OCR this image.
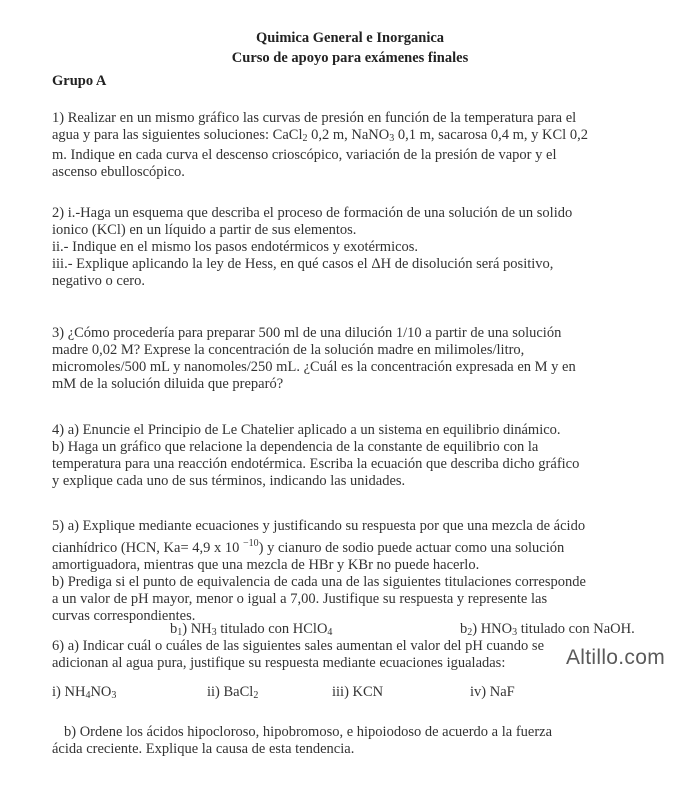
Quimica General e Inorganica
Curso de apoyo para exámenes finales
Grupo A
1) Realizar en un mismo gráfico las curvas de presión en función de la temperatura para el
agua y para las siguientes soluciones: CaCl$_2$ 0,2 m, NaNO$_3$ 0,1 m, sacarosa 0,4 m, y KCl 0,2
m. Indique en cada curva el descenso crioscópico, variación de la presión de vapor y el
ascenso ebulloscópico.
2) i.-Haga un esquema que describa el proceso de formación de una solución de un solido
ionico (KCl) en un líquido a partir de sus elementos.
ii.- Indique en el mismo los pasos endotérmicos y exotérmicos.
iii.- Explique aplicando la ley de Hess, en qué casos el ΔH de disolución será positivo,
negativo o cero.
3) ¿Cómo procedería para preparar 500 ml de una dilución 1/10 a partir de una solución
madre 0,02 M? Exprese la concentración de la solución madre en milimoles/litro,
micromoles/500 mL y nanomoles/250 mL. ¿Cuál es la concentración expresada en M y en
mM de la solución diluida que preparó?
4) a) Enuncie el Principio de Le Chatelier aplicado a un sistema en equilibrio dinámico.
b) Haga un gráfico que relacione la dependencia de la constante de equilibrio con la
temperatura para una reacción endotérmica. Escriba la ecuación que describa dicho gráfico
y explique cada uno de sus términos, indicando las unidades.
5) a) Explique mediante ecuaciones y justificando su respuesta por que una mezcla de ácido
cianhídrico (HCN, Ka= 4,9 x 10 $^{-10}$) y cianuro de sodio puede actuar como una solución
amortiguadora, mientras que una mezcla de HBr y KBr no puede hacerlo.
b) Prediga si el punto de equivalencia de cada una de las siguientes titulaciones corresponde
a un valor de pH mayor, menor o igual a 7,00. Justifique su respuesta y represente las
curvas correspondientes.
$b_1$) $NH_3$ titulado con HClO$_4$	$b_2$) $HNO_3$ titulado con NaOH.
6) a) Indicar cuál o cuáles de las siguientes sales aumentan el valor del pH cuando se
adicionan al agua pura, justifique su respuesta mediante ecuaciones igualadas:
i) $NH_4NO_3$	ii) BaCl$_2$	iii) KCN	iv) NaF
Altillo.com
b) Ordene los ácidos hipocloroso, hipobromoso, e hipoiodoso de acuerdo a la fuerza
ácida creciente. Explique la causa de esta tendencia.
